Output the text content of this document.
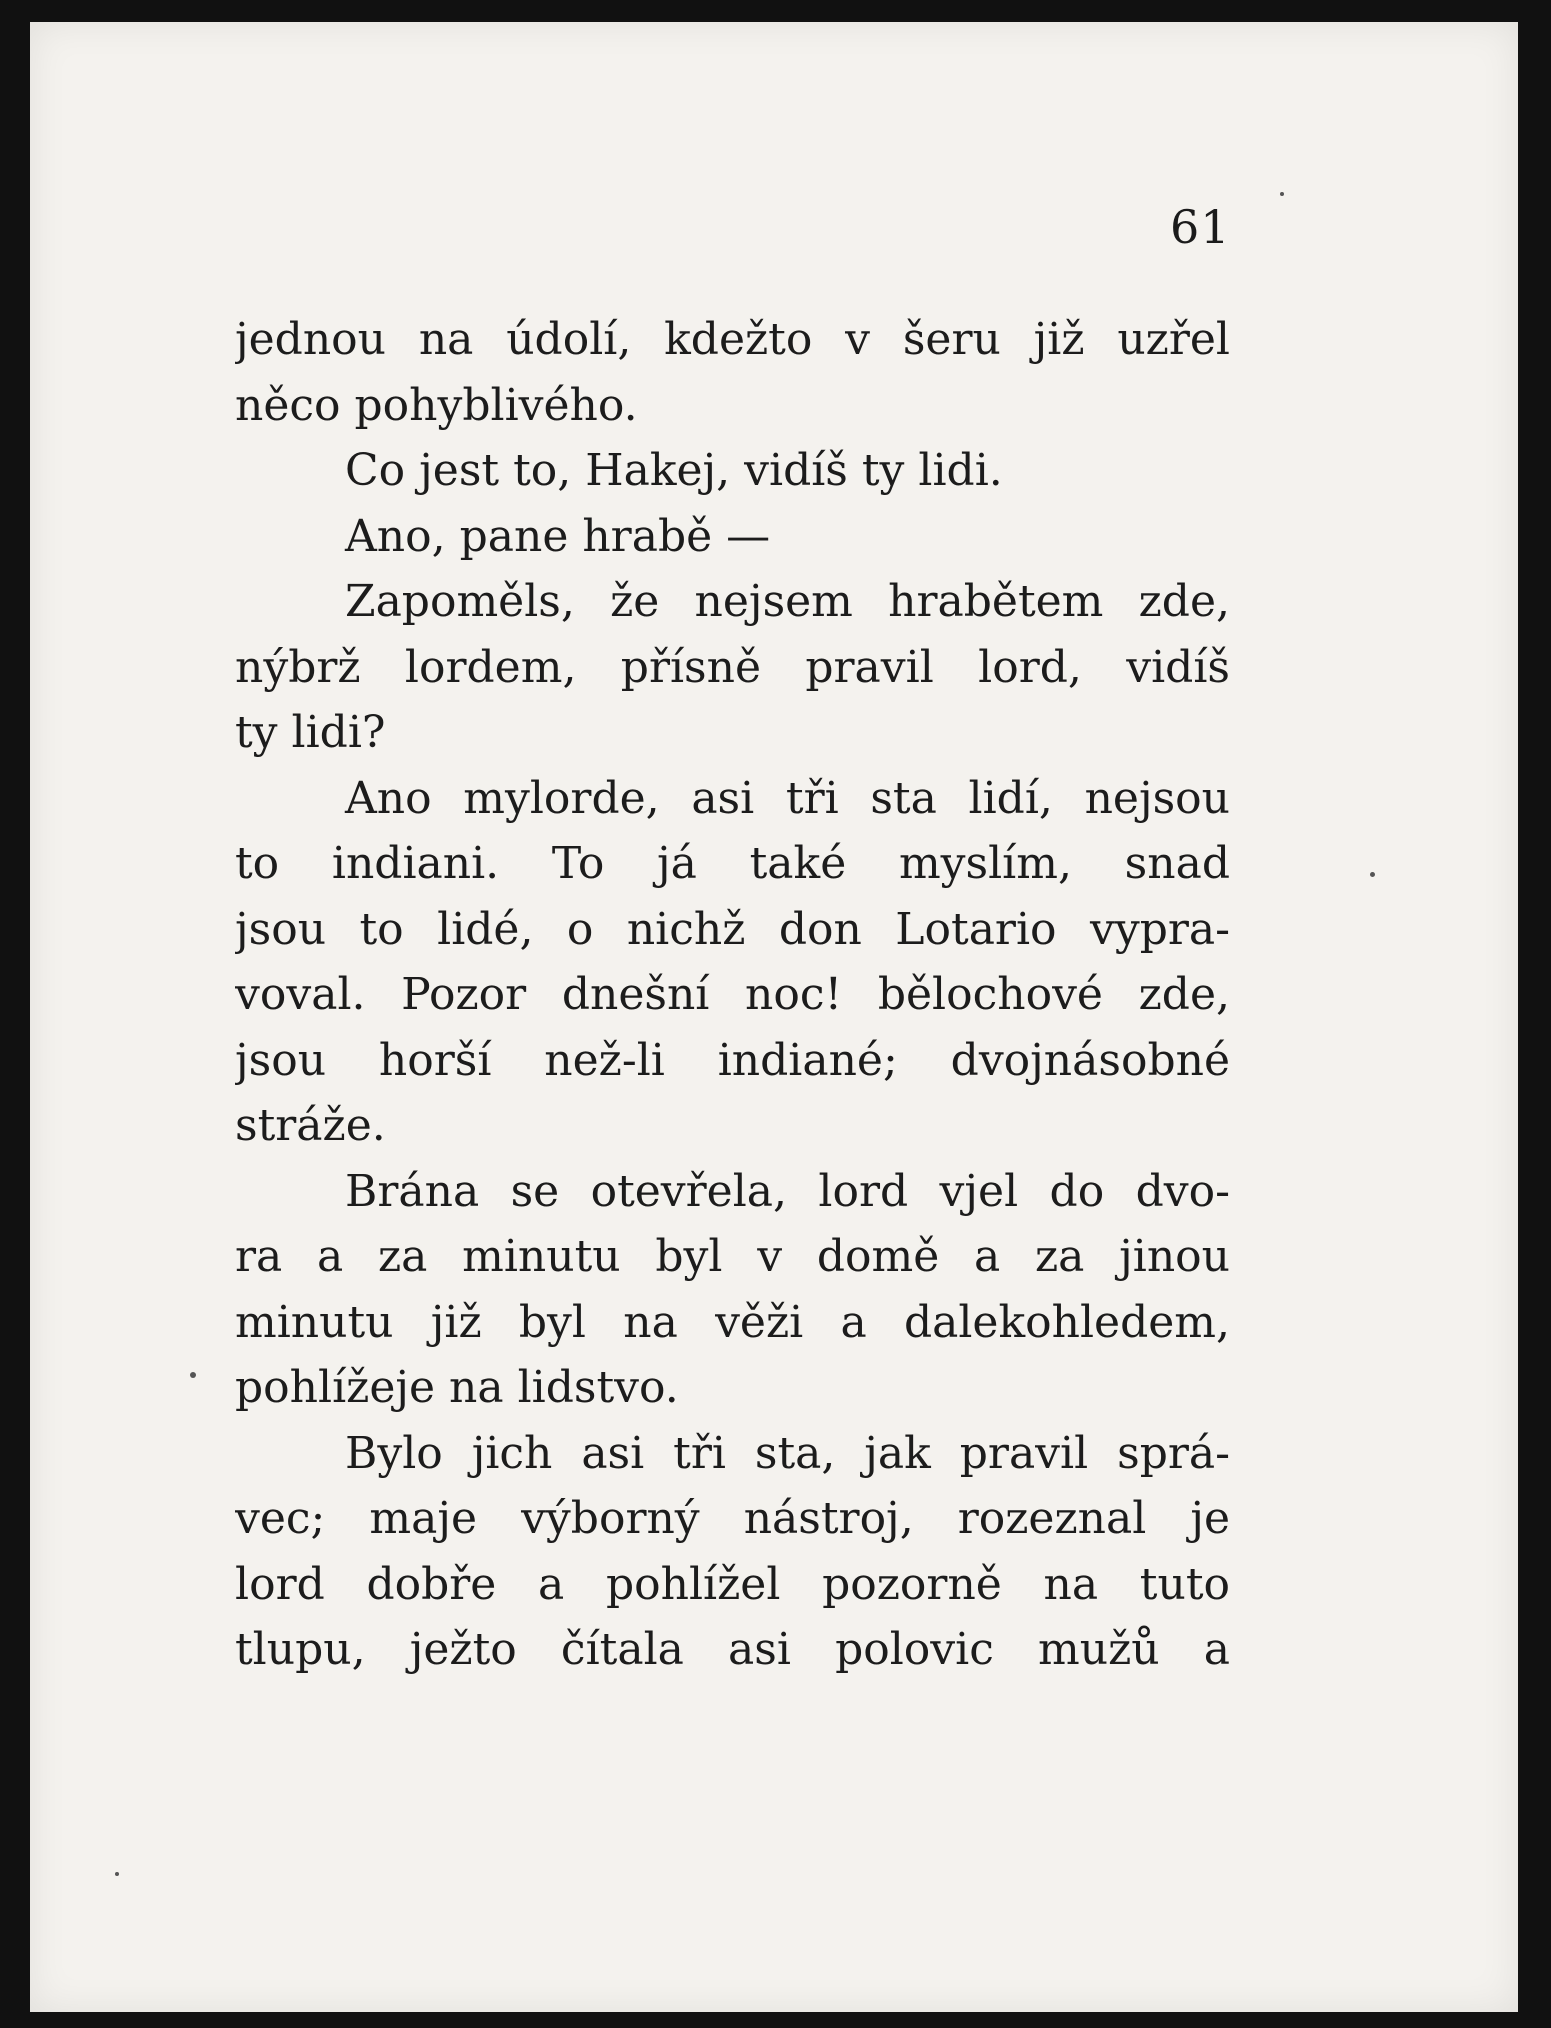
61
jednou na údolí, kdežto v šeru již uzřel
něco pohyblivého.
Co jest to, Hakej, vidíš ty lidi.
Ano, pane hrabě —
Zapoměls, že nejsem hrabětem zde,
nýbrž lordem, přísně pravil lord, vidíš
ty lidi?
Ano mylorde, asi tři sta lidí, nejsou
to indiani. To já také myslím, snad
jsou to lidé, o nichž don Lotario vypra-
voval. Pozor dnešní noc! bělochové zde,
jsou horší než-li indiané; dvojnásobné
stráže.
Brána se otevřela, lord vjel do dvo-
ra a za minutu byl v domě a za jinou
minutu již byl na věži a dalekohledem,
pohlížeje na lidstvo.
Bylo jich asi tři sta, jak pravil sprá-
vec; maje výborný nástroj, rozeznal je
lord dobře a pohlížel pozorně na tuto
tlupu, ježto čítala asi polovic mužů a
